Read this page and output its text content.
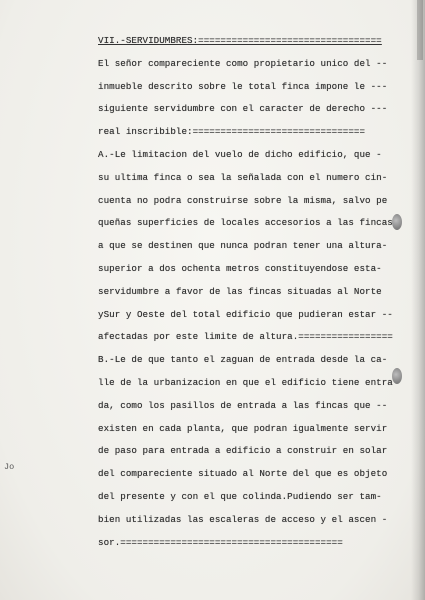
Jo
VII.-SERVIDUMBRES:=================================
El señor compareciente como propietario unico del --
inmueble descrito sobre le total finca impone le ---
siguiente servidumbre con el caracter de derecho ---
real inscribible:===============================
A.-Le limitacion del vuelo de dicho edificio, que -
su ultima finca o sea la señalada con el numero cin-
cuenta no podra construirse sobre la misma, salvo pe
queñas superficies de locales accesorios a las fincas
a que se destinen que nunca podran tener una altura-
superior a dos ochenta metros constituyendose esta-
servidumbre a favor de las fincas situadas al Norte
ySur y Oeste del total edificio que pudieran estar --
afectadas por este limite de altura.=================
B.-Le de que tanto el zaguan de entrada desde la ca-
lle de la urbanizacion en que el edificio tiene entra
da, como los pasillos de entrada a las fincas que --
existen en cada planta, que podran igualmente servir
de paso para entrada a edificio a construir en solar
del compareciente situado al Norte del que es objeto
del presente y con el que colinda.Pudiendo ser tam-
bien utilizadas las escaleras de acceso y el ascen -
sor.========================================
